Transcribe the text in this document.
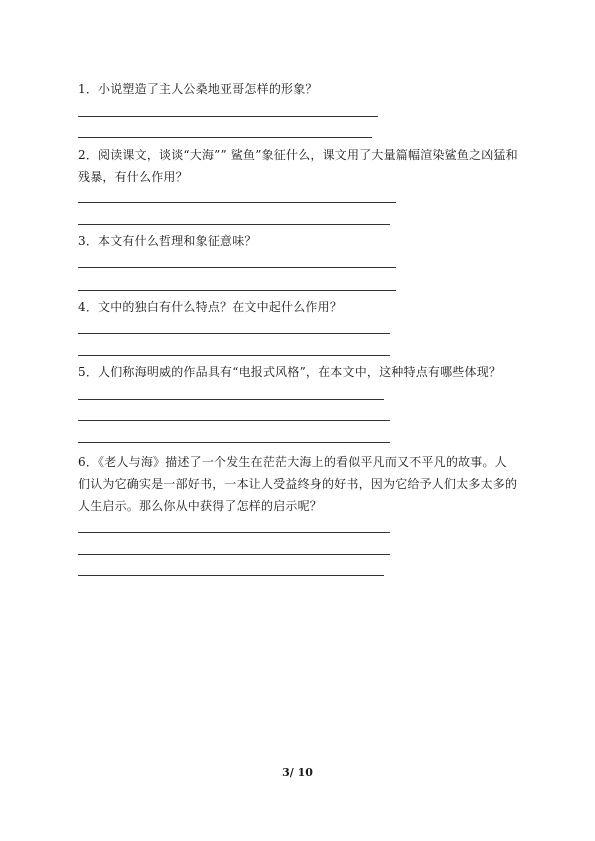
1．小说塑造了主人公桑地亚哥怎样的形象？
2．阅读课文，谈谈“大海”” 鲨鱼”象征什么，课文用了大量篇幅渲染鲨鱼之凶猛和残暴，有什么作用？
3．本文有什么哲理和象征意味？
4．文中的独白有什么特点？在文中起什么作用？
5．人们称海明威的作品具有“电报式风格”，在本文中，这种特点有哪些体现？
6．《老人与海》描述了一个发生在茫茫大海上的看似平凡而又不平凡的故事。人们认为它确实是一部好书，一本让人受益终身的好书，因为它给予人们太多太多的人生启示。那么你从中获得了怎样的启示呢？
3/ 10
